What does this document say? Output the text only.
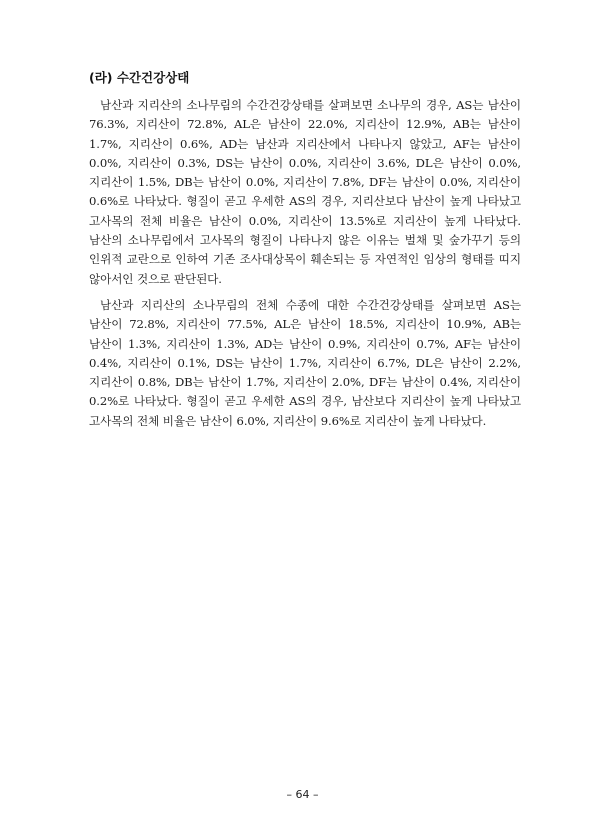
(라) 수간건강상태

남산과 지리산의 소나무림의 수간건강상태를 살펴보면 소나무의 경우, AS는 남산이 76.3%, 지리산이 72.8%, AL은 남산이 22.0%, 지리산이 12.9%, AB는 남산이 1.7%, 지리산이 0.6%, AD는 남산과 지리산에서 나타나지 않았고, AF는 남산이 0.0%, 지리산이 0.3%, DS는 남산이 0.0%, 지리산이 3.6%, DL은 남산이 0.0%, 지리산이 1.5%, DB는 남산이 0.0%, 지리산이 7.8%, DF는 남산이 0.0%, 지리산이 0.6%로 나타났다. 형질이 곧고 우세한 AS의 경우, 지리산보다 남산이 높게 나타났고 고사목의 전체 비율은 남산이 0.0%, 지리산이 13.5%로 지리산이 높게 나타났다. 남산의 소나무림에서 고사목의 형질이 나타나지 않은 이유는 벌채 및 숲가꾸기 등의 인위적 교란으로 인하여 기존 조사대상목이 훼손되는 등 자연적인 임상의 형태를 띠지 않아서인 것으로 판단된다.

남산과 지리산의 소나무림의 전체 수종에 대한 수간건강상태를 살펴보면 AS는 남산이 72.8%, 지리산이 77.5%, AL은 남산이 18.5%, 지리산이 10.9%, AB는 남산이 1.3%, 지리산이 1.3%, AD는 남산이 0.9%, 지리산이 0.7%, AF는 남산이 0.4%, 지리산이 0.1%, DS는 남산이 1.7%, 지리산이 6.7%, DL은 남산이 2.2%, 지리산이 0.8%, DB는 남산이 1.7%, 지리산이 2.0%, DF는 남산이 0.4%, 지리산이 0.2%로 나타났다. 형질이 곧고 우세한 AS의 경우, 남산보다 지리산이 높게 나타났고 고사목의 전체 비율은 남산이 6.0%, 지리산이 9.6%로 지리산이 높게 나타났다.

– 64 –
